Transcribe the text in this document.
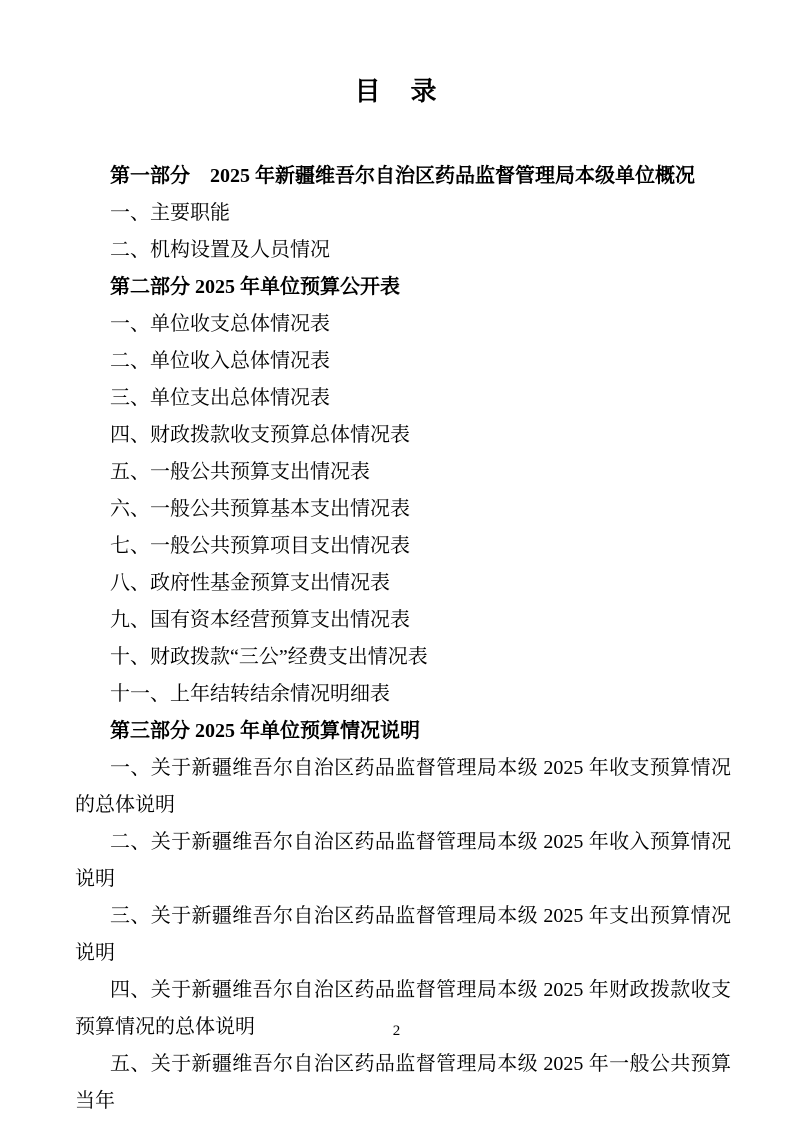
目　录

第一部分　2025 年新疆维吾尔自治区药品监督管理局本级单位概况

一、主要职能

二、机构设置及人员情况

第二部分 2025 年单位预算公开表

一、单位收支总体情况表

二、单位收入总体情况表

三、单位支出总体情况表

四、财政拨款收支预算总体情况表

五、一般公共预算支出情况表

六、一般公共预算基本支出情况表

七、一般公共预算项目支出情况表

八、政府性基金预算支出情况表

九、国有资本经营预算支出情况表

十、财政拨款“三公”经费支出情况表

十一、上年结转结余情况明细表

第三部分 2025 年单位预算情况说明

一、关于新疆维吾尔自治区药品监督管理局本级 2025 年收支预算情况的总体说明

二、关于新疆维吾尔自治区药品监督管理局本级 2025 年收入预算情况说明

三、关于新疆维吾尔自治区药品监督管理局本级 2025 年支出预算情况说明

四、关于新疆维吾尔自治区药品监督管理局本级 2025 年财政拨款收支预算情况的总体说明

五、关于新疆维吾尔自治区药品监督管理局本级 2025 年一般公共预算当年

2
